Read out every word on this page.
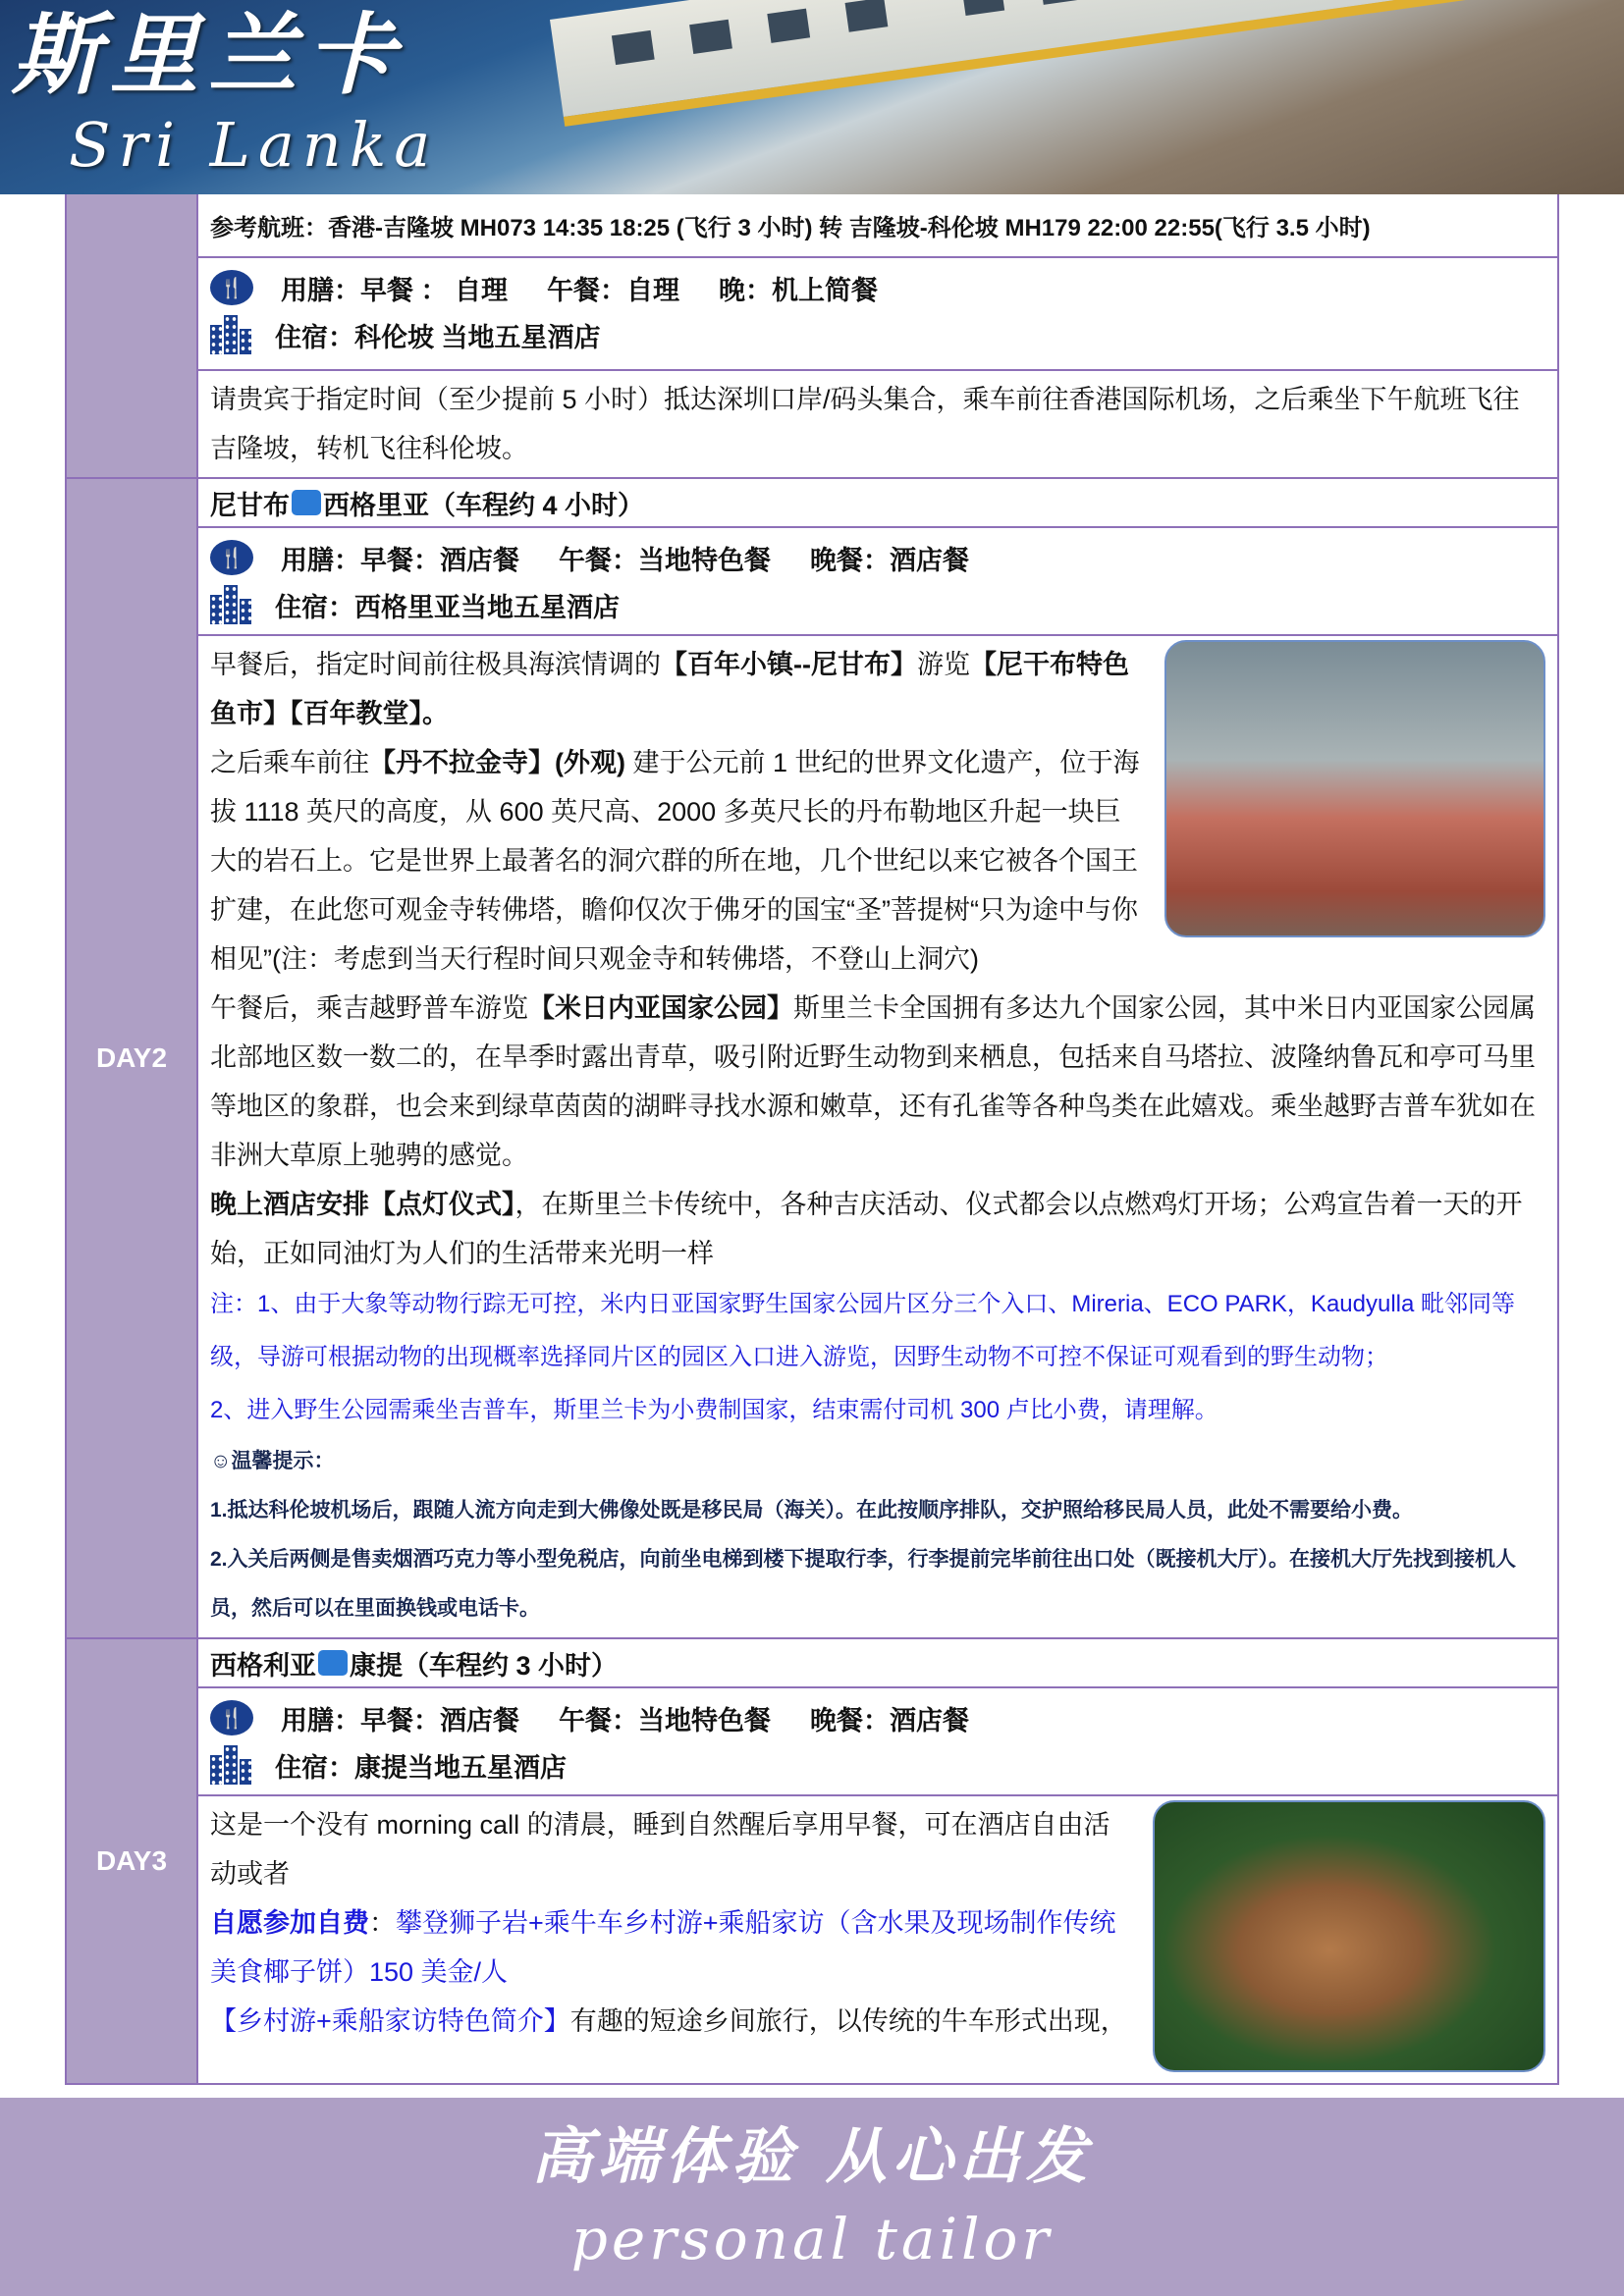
斯里兰卡
Sri Lanka
参考航班：香港-吉隆坡 MH073 14:35 18:25 (飞行 3 小时) 转 吉隆坡-科伦坡 MH179 22:00 22:55(飞行 3.5 小时)
🍴	用膳： 早餐 ： 自理 午餐：自理 晚：机上简餐
住宿：科伦坡 当地五星酒店
请贵宾于指定时间（至少提前 5 小时）抵达深圳口岸/码头集合，乘车前往香港国际机场，之后乘坐下午航班飞往吉隆坡，转机飞往科伦坡。
DAY2
尼甘布 西格里亚（车程约 4 小时）
🍴	用膳： 早餐：酒店餐 午餐：当地特色餐 晚餐：酒店餐
住宿：西格里亚当地五星酒店
早餐后，指定时间前往极具海滨情调的【百年小镇--尼甘布】游览【尼干布特色鱼市】【百年教堂】。
之后乘车前往【丹不拉金寺】(外观) 建于公元前 1 世纪的世界文化遗产，位于海拔 1118 英尺的高度，从 600 英尺高、2000 多英尺长的丹布勒地区升起一块巨大的岩石上。它是世界上最著名的洞穴群的所在地，几个世纪以来它被各个国王扩建，在此您可观金寺转佛塔，瞻仰仅次于佛牙的国宝“圣”菩提树“只为途中与你相见”(注：考虑到当天行程时间只观金寺和转佛塔，不登山上洞穴)
午餐后，乘吉越野普车游览【米日内亚国家公园】斯里兰卡全国拥有多达九个国家公园，其中米日内亚国家公园属北部地区数一数二的，在旱季时露出青草，吸引附近野生动物到来栖息，包括来自马塔拉、波隆纳鲁瓦和亭可马里等地区的象群，也会来到绿草茵茵的湖畔寻找水源和嫩草，还有孔雀等各种鸟类在此嬉戏。乘坐越野吉普车犹如在非洲大草原上驰骋的感觉。
晚上酒店安排【点灯仪式】，在斯里兰卡传统中，各种吉庆活动、仪式都会以点燃鸡灯开场；公鸡宣告着一天的开始，正如同油灯为人们的生活带来光明一样
注：1、由于大象等动物行踪无可控，米内日亚国家野生国家公园片区分三个入口、Mireria、ECO PARK，Kaudyulla 毗邻同等级，导游可根据动物的出现概率选择同片区的园区入口进入游览，因野生动物不可控不保证可观看到的野生动物；
2、进入野生公园需乘坐吉普车，斯里兰卡为小费制国家，结束需付司机 300 卢比小费，请理解。
☺温馨提示：
1.抵达科伦坡机场后，跟随人流方向走到大佛像处既是移民局（海关）。在此按顺序排队，交护照给移民局人员，此处不需要给小费。
2.入关后两侧是售卖烟酒巧克力等小型免税店，向前坐电梯到楼下提取行李，行李提前完毕前往出口处（既接机大厅）。在接机大厅先找到接机人员，然后可以在里面换钱或电话卡。
DAY3
西格利亚 康提（车程约 3 小时）
🍴	用膳： 早餐：酒店餐 午餐：当地特色餐 晚餐：酒店餐
住宿：康提当地五星酒店
这是一个没有 morning call 的清晨，睡到自然醒后享用早餐，可在酒店自由活动或者
自愿参加自费：攀登狮子岩+乘牛车乡村游+乘船家访（含水果及现场制作传统美食椰子饼）150 美金/人
【乡村游+乘船家访特色简介】有趣的短途乡间旅行，以传统的牛车形式出现，
高端体验 从心出发
personal tailor
